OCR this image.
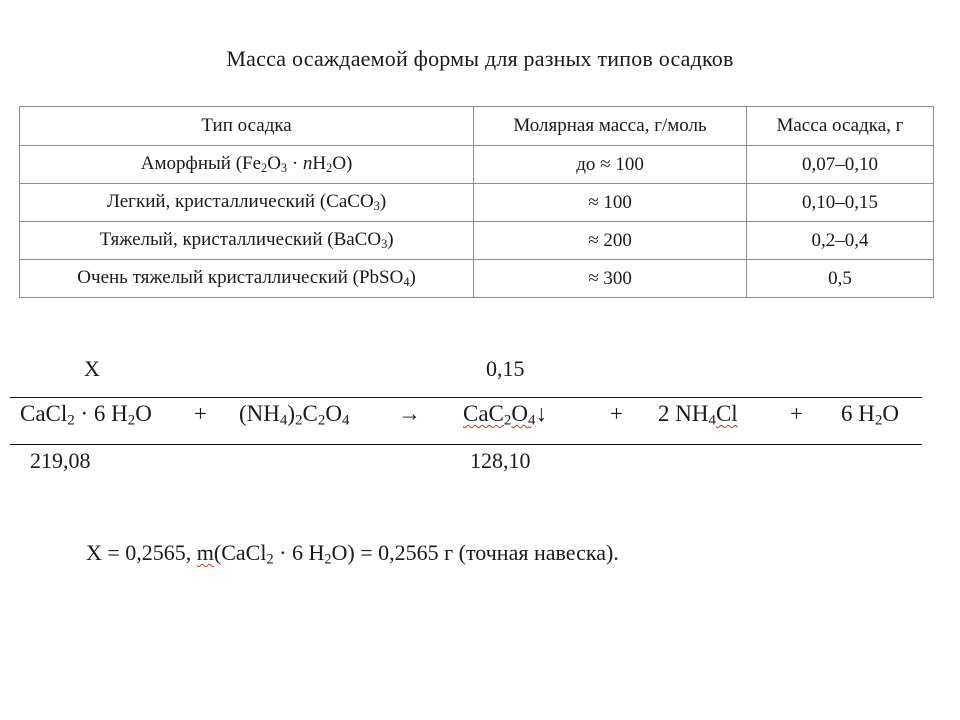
Масса осаждаемой формы для разных типов осадков
Тип осадка	Молярная масса, г/моль	Масса осадка, г
Аморфный $(Fe_2O_3 \cdot nH_2O)$	до ≈ 100	0,07–0,10
Легкий, кристаллический (CaCO$_3$)	≈ 100	0,10–0,15
Тяжелый, кристаллический (BaCO$_3$)	≈ 200	0,2–0,4
Очень тяжелый кристаллический (PbSO$_4$)	≈ 300	0,5
X	0,15
CaCl$_2$ · 6 $H_2O + (NH_4)_2C_2O_4$ → $CaC_2O_4↓$	+ 2 $NH_4Cl + 6$ $H_2O$
219,08	128,10
X = 0,2565, m(CaCl$_2$ · 6 $H_2O) = 0,2565$ г (точная навеска).
